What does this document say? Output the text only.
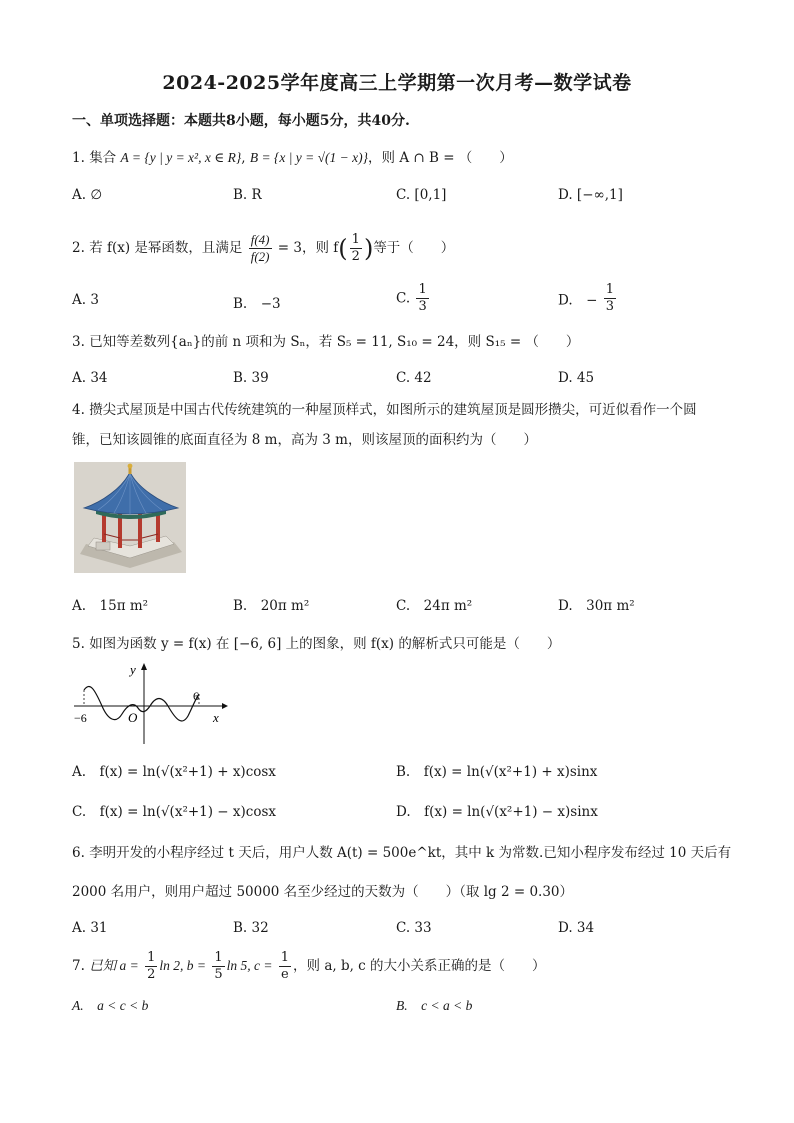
2024-2025学年度高三上学期第一次月考—数学试卷
一、单项选择题：本题共8小题，每小题5分，共40分.
1. 集合 A = {y | y = x², x ∈ R}, B = {x | y = √(1 − x)}，则 A ∩ B = （　　）
A. ∅	B. R	C. [0,1]	D. [−∞,1]
2. 若 f(x) 是幂函数，且满足 $\frac{f(4)}{f(2)} = 3$，则 $f( \frac{1}{2}$ )等于（　　）
A. 3	B.　−3	C. $\frac{1}{3}$	D.　− $\frac{1}{3}$
3. 已知等差数列{aₙ}的前 n 项和为 Sₙ，若 S₅ = 11, S₁₀ = 24，则 S₁₅ = （　　）
A. 34	B. 39	C. 42	D. 45
4. 攒尖式屋顶是中国古代传统建筑的一种屋顶样式，如图所示的建筑屋顶是圆形攒尖，可近似看作一个圆锥，已知该圆锥的底面直径为 8 m，高为 3 m，则该屋顶的面积约为（　　）
A.　15π m²	B.　20π m²	C.　24π m²	D.　30π m²
5. 如图为函数 y = f(x) 在 [−6, 6] 上的图象，则 f(x) 的解析式只可能是（　　）
y
x
O
−6
6
A.　f(x) = ln(√(x²+1) + x)cosx	B.　f(x) = ln(√(x²+1) + x)sinx
C.　f(x) = ln(√(x²+1) − x)cosx	D.　f(x) = ln(√(x²+1) − x)sinx
6. 李明开发的小程序经过 t 天后，用户人数 A(t) = 500e^kt，其中 k 为常数.已知小程序发布经过 10 天后有
2000 名用户，则用户超过 50000 名至少经过的天数为（　　）（取 lg 2 = 0.30）
A. 31	B. 32	C. 33	D. 34
7. 已知 $a = \frac{1}{2}$ ln 2, $b = \frac{1}{5}$ ln 5, $c = \frac{1}{e}$ ，则 a, b, c 的大小关系正确的是（　　）
A.　a < c < b	B.　c < a < b
